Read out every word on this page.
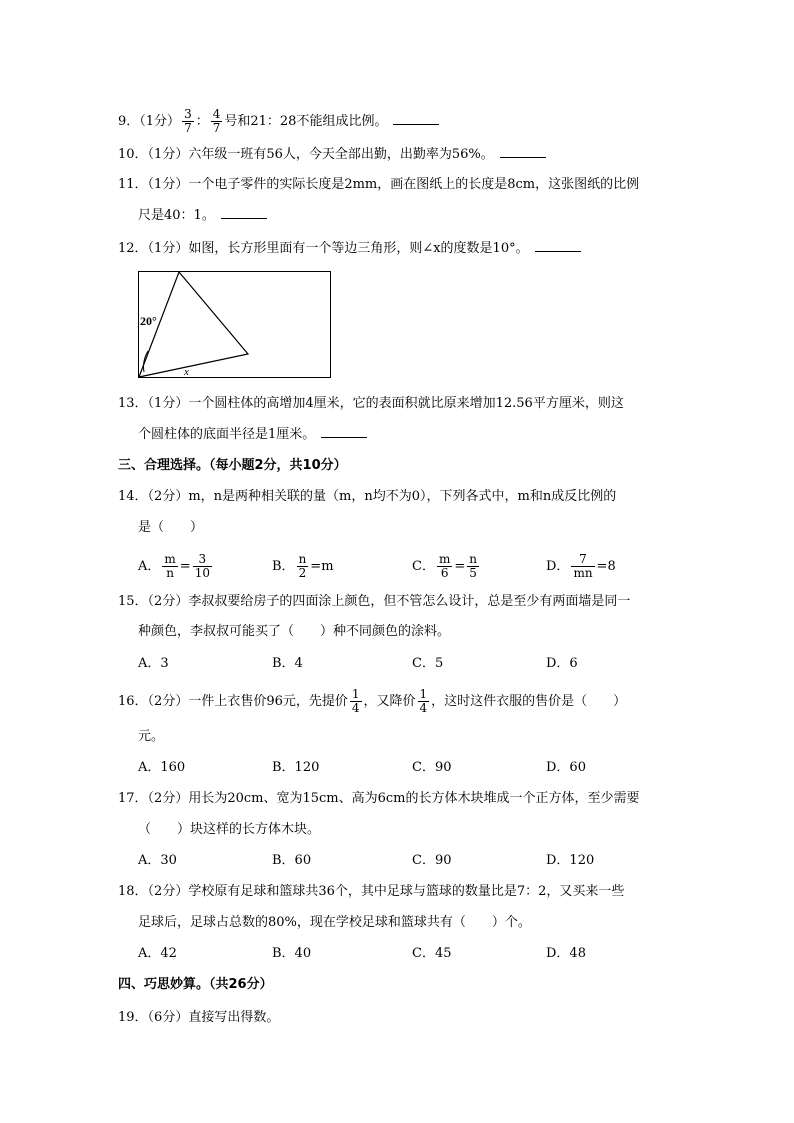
9．（1分） $\frac{3}{7}$ ： $\frac{4}{7}$ 号和21：28不能组成比例。
10．（1分）六年级一班有56人，今天全部出勤，出勤率为56%。
11．（1分）一个电子零件的实际长度是2mm，画在图纸上的长度是8cm，这张图纸的比例
尺是40：1。
12．（1分）如图，长方形里面有一个等边三角形，则∠x的度数是10°。
20°
x
13．（1分）一个圆柱体的高增加4厘米，它的表面积就比原来增加12.56平方厘米，则这
个圆柱体的底面半径是1厘米。
三、合理选择。（每小题2分，共10分）
14．（2分）m，n是两种相关联的量（m，n均不为0），下列各式中，m和n成反比例的
是（　　）
A． $\frac{m}{n} = \frac{3}{10}$	B． $\frac{n}{2} =m$	C． $\frac{m}{6} = \frac{n}{5}$	D． $\frac{7}{mn} =8$
15．（2分）李叔叔要给房子的四面涂上颜色，但不管怎么设计，总是至少有两面墙是同一
种颜色，李叔叔可能买了（　　）种不同颜色的涂料。
A．3	B．4	C．5	D．6
16．（2分）一件上衣售价96元，先提价 $\frac{1}{4}$ ，又降价 $\frac{1}{4}$ ，这时这件衣服的售价是（　　）
元。
A．160	B．120	C．90	D．60
17．（2分）用长为20cm、宽为15cm、高为6cm的长方体木块堆成一个正方体，至少需要
（　　）块这样的长方体木块。
A．30	B．60	C．90	D．120
18．（2分）学校原有足球和篮球共36个，其中足球与篮球的数量比是7：2，又买来一些
足球后，足球占总数的80%，现在学校足球和篮球共有（　　）个。
A．42	B．40	C．45	D．48
四、巧思妙算。（共26分）
19．（6分）直接写出得数。
